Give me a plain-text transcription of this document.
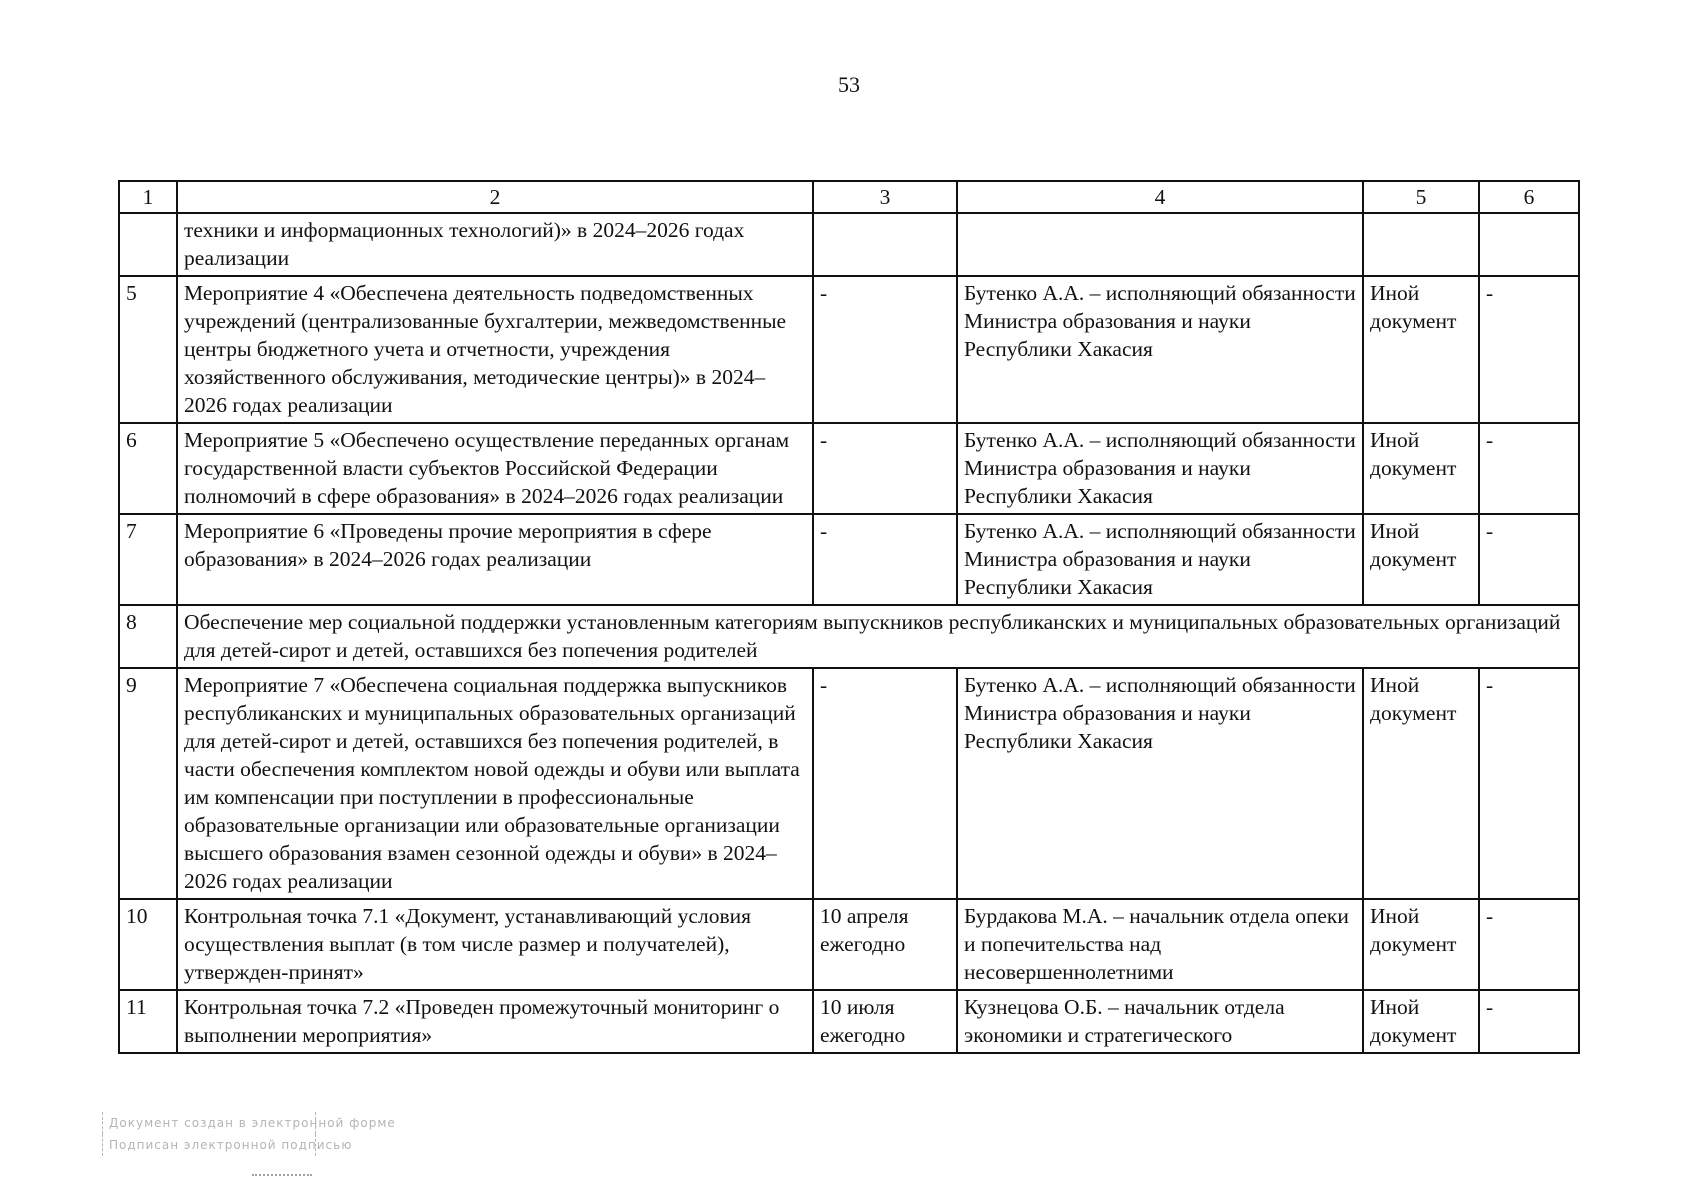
53
1	2	3	4	5	6
	техники и информационных технологий)» в 2024–2026 годах реализации				
5	Мероприятие 4 «Обеспечена деятельность подведомственных учреждений (централизованные бухгалтерии, межведомственные центры бюджетного учета и отчетности, учреждения хозяйственного обслуживания, методические центры)» в 2024–2026 годах реализации	-	Бутенко А.А. – исполняющий обязанности Министра образования и науки Республики Хакасия	Иной документ	-
6	Мероприятие 5 «Обеспечено осуществление переданных органам государственной власти субъектов Российской Федерации полномочий в сфере образования» в 2024–2026 годах реализации	-	Бутенко А.А. – исполняющий обязанности Министра образования и науки Республики Хакасия	Иной документ	-
7	Мероприятие 6 «Проведены прочие мероприятия в сфере образования» в 2024–2026 годах реализации	-	Бутенко А.А. – исполняющий обязанности Министра образования и науки Республики Хакасия	Иной документ	-
8	Обеспечение мер социальной поддержки установленным категориям выпускников республиканских и муниципальных образовательных организаций для детей-сирот и детей, оставшихся без попечения родителей				
9	Мероприятие 7 «Обеспечена социальная поддержка выпускников республиканских и муниципальных образовательных организаций для детей-сирот и детей, оставшихся без попечения родителей, в части обеспечения комплектом новой одежды и обуви или выплата им компенсации при поступлении в профессиональные образовательные организации или образовательные организации высшего образования взамен сезонной одежды и обуви» в 2024–2026 годах реализации	-	Бутенко А.А. – исполняющий обязанности Министра образования и науки Республики Хакасия	Иной документ	-
10	Контрольная точка 7.1 «Документ, устанавливающий условия осуществления выплат (в том числе размер и получателей), утвержден-принят»	10 апреля ежегодно	Бурдакова М.А. – начальник отдела опеки и попечительства над несовершеннолетними	Иной документ	-
11	Контрольная точка 7.2 «Проведен промежуточный мониторинг о выполнении мероприятия»	10 июля ежегодно	Кузнецова О.Б. – начальник отдела экономики и стратегического	Иной документ	-
Документ создан в электронной форме
Подписан электронной подписью
